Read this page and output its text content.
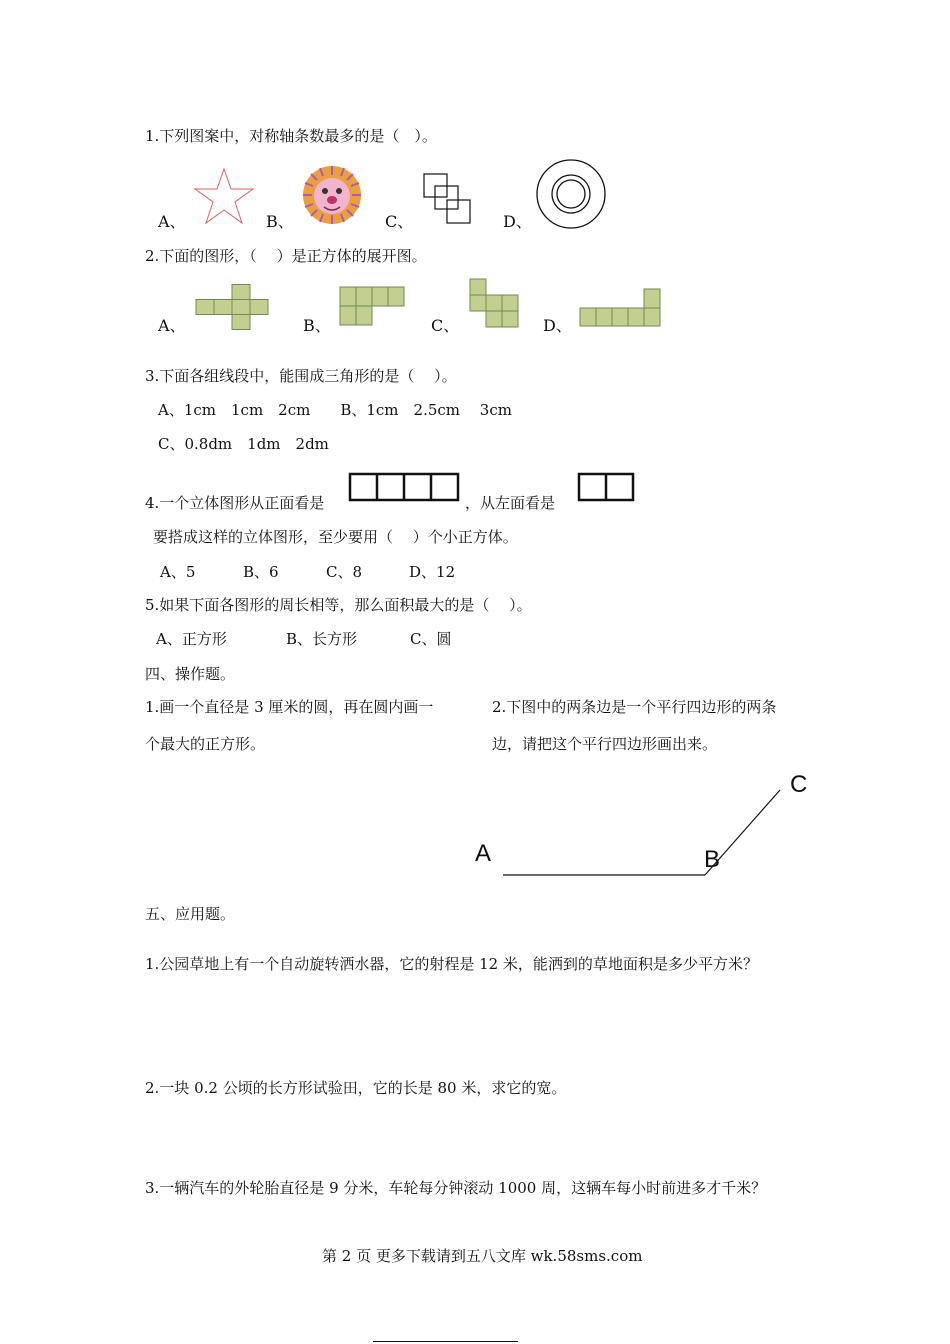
1.下列图案中，对称轴条数最多的是（　）。
A、	B、	C、	D、
2.下面的图形，（　 ）是正方体的展开图。
A、	B、	C、	D、
3.下面各组线段中，能围成三角形的是（　 ）。
A、1cm　1cm　2cm　　B、1cm　2.5cm　 3cm
C、0.8dm　1dm　2dm
4.一个立体图形从正面看是	，从左面看是
要搭成这样的立体图形，至少要用（　 ）个小正方体。
A、5	B、6	C、8	D、12
5.如果下面各图形的周长相等，那么面积最大的是（　 ）。
A、正方形	B、长方形	C、圆
四、操作题。
1.画一个直径是 3 厘米的圆，再在圆内画一
个最大的正方形。
2.下图中的两条边是一个平行四边形的两条
边，请把这个平行四边形画出来。
A	B
C
五、应用题。
1.公园草地上有一个自动旋转洒水器，它的射程是 12 米，能洒到的草地面积是多少平方米？
2.一块 0.2 公顷的长方形试验田，它的长是 80 米，求它的宽。
3.一辆汽车的外轮胎直径是 9 分米，车轮每分钟滚动 1000 周，这辆车每小时前进多才千米？
第 2 页 更多下载请到五八文库 wk.58sms.com
